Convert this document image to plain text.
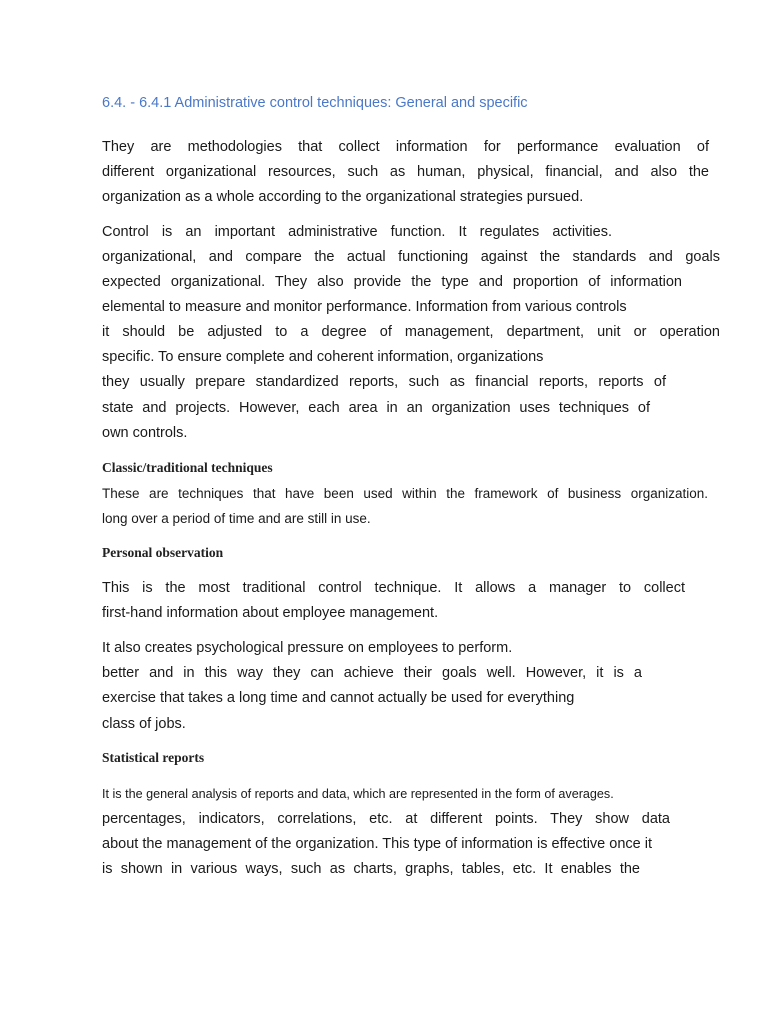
6.4. - 6.4.1 Administrative control techniques: General and specific
They are methodologies that collect information for performance evaluation of
different organizational resources, such as human, physical, financial, and also the
organization as a whole according to the organizational strategies pursued.
Control is an important administrative function. It regulates activities.
organizational, and compare the actual functioning against the standards and goals
expected organizational. They also provide the type and proportion of information
elemental to measure and monitor performance. Information from various controls
it should be adjusted to a degree of management, department, unit or operation
specific. To ensure complete and coherent information, organizations
they usually prepare standardized reports, such as financial reports, reports of
state and projects. However, each area in an organization uses techniques of
own controls.
Classic/traditional techniques
These are techniques that have been used within the framework of business organization.
long over a period of time and are still in use.
Personal observation
This is the most traditional control technique. It allows a manager to collect
first-hand information about employee management.
It also creates psychological pressure on employees to perform.
better and in this way they can achieve their goals well. However, it is a
exercise that takes a long time and cannot actually be used for everything
class of jobs.
Statistical reports
It is the general analysis of reports and data, which are represented in the form of averages.
percentages, indicators, correlations, etc. at different points. They show data
about the management of the organization. This type of information is effective once it
is shown in various ways, such as charts, graphs, tables, etc. It enables the
